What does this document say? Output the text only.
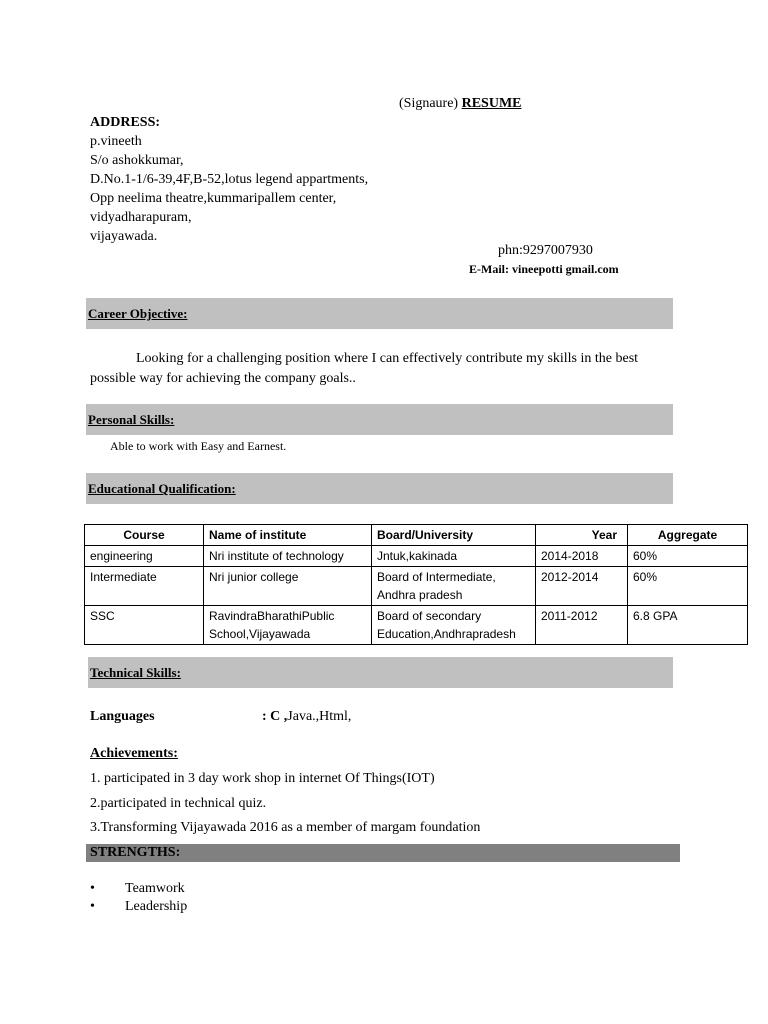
(Signaure) RESUME
ADDRESS:
p.vineeth
S/o ashokkumar,
D.No.1-1/6-39,4F,B-52,lotus legend appartments,
Opp neelima theatre,kummaripallem center,
vidyadharapuram,
vijayawada.
phn:9297007930
E-Mail: vineepotti gmail.com
Career Objective:
Looking for a challenging position where I can effectively contribute my skills in the best
possible way for achieving the company goals..
Personal Skills:
Able to work with Easy and Earnest.
Educational Qualification:
Course	Name of institute	Board/University	Year	Aggregate
engineering	Nri institute of technology	Jntuk,kakinada	2014-2018	60%
Intermediate	Nri junior college	Board of Intermediate, Andhra pradesh	2012-2014	60%
SSC	RavindraBharathiPublic School,Vijayawada	Board of secondary Education,Andhrapradesh	2011-2012	6.8 GPA
Technical Skills:
Languages	: C ,Java.,Html,
Achievements:
1. participated in 3 day work shop in internet Of Things(IOT)
2.participated in technical quiz.
3.Transforming Vijayawada 2016 as a member of margam foundation
STRENGTHS:
• Teamwork
• Leadership
